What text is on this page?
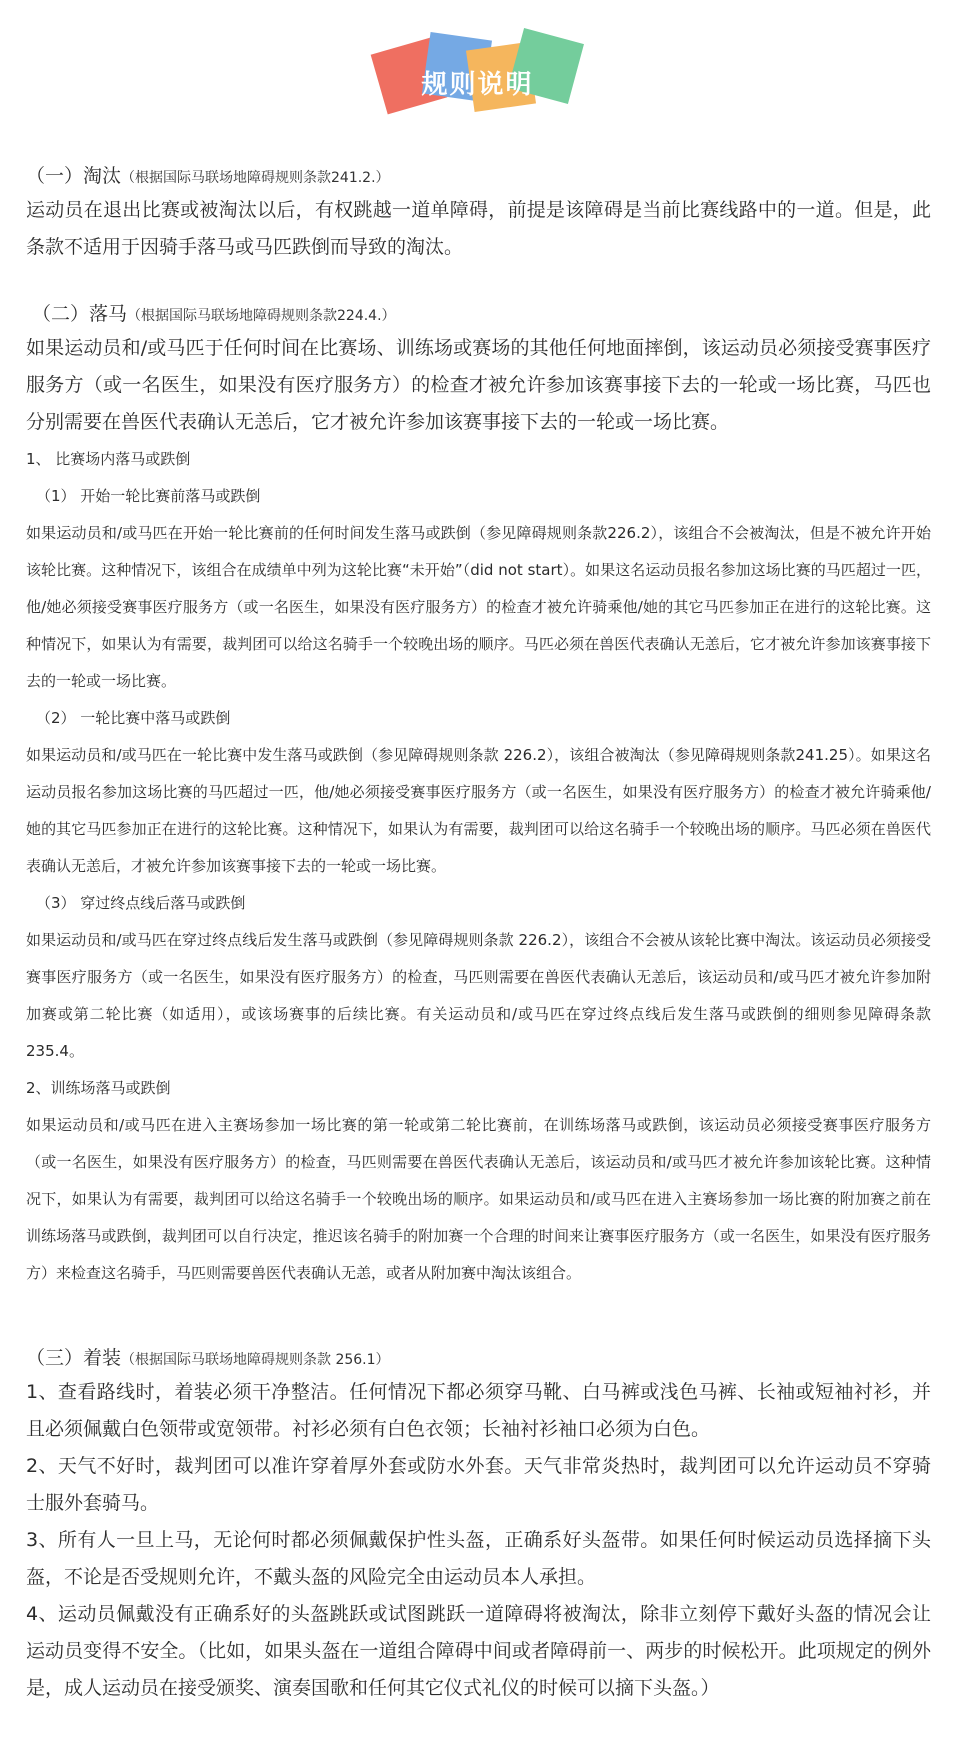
规则说明
（一）淘汰（根据国际马联场地障碍规则条款241.2.）

运动员在退出比赛或被淘汰以后，有权跳越一道单障碍，前提是该障碍是当前比赛线路中的一道。但是，此条款不适用于因骑手落马或马匹跌倒而导致的淘汰。

（二）落马（根据国际马联场地障碍规则条款224.4.）

如果运动员和/或马匹于任何时间在比赛场、训练场或赛场的其他任何地面摔倒，该运动员必须接受赛事医疗服务方（或一名医生，如果没有医疗服务方）的检查才被允许参加该赛事接下去的一轮或一场比赛，马匹也分别需要在兽医代表确认无恙后，它才被允许参加该赛事接下去的一轮或一场比赛。

1、 比赛场内落马或跌倒
（1） 开始一轮比赛前落马或跌倒

如果运动员和/或马匹在开始一轮比赛前的任何时间发生落马或跌倒（参见障碍规则条款226.2），该组合不会被淘汰，但是不被允许开始该轮比赛。这种情况下，该组合在成绩单中列为这轮比赛“未开始”（did not start）。如果这名运动员报名参加这场比赛的马匹超过一匹，他/她必须接受赛事医疗服务方（或一名医生，如果没有医疗服务方）的检查才被允许骑乘他/她的其它马匹参加正在进行的这轮比赛。这种情况下，如果认为有需要，裁判团可以给这名骑手一个较晚出场的顺序。马匹必须在兽医代表确认无恙后，它才被允许参加该赛事接下去的一轮或一场比赛。

（2） 一轮比赛中落马或跌倒

如果运动员和/或马匹在一轮比赛中发生落马或跌倒（参见障碍规则条款 226.2），该组合被淘汰（参见障碍规则条款241.25）。如果这名运动员报名参加这场比赛的马匹超过一匹，他/她必须接受赛事医疗服务方（或一名医生，如果没有医疗服务方）的检查才被允许骑乘他/她的其它马匹参加正在进行的这轮比赛。这种情况下，如果认为有需要，裁判团可以给这名骑手一个较晚出场的顺序。马匹必须在兽医代表确认无恙后，才被允许参加该赛事接下去的一轮或一场比赛。

（3） 穿过终点线后落马或跌倒

如果运动员和/或马匹在穿过终点线后发生落马或跌倒（参见障碍规则条款 226.2），该组合不会被从该轮比赛中淘汰。该运动员必须接受赛事医疗服务方（或一名医生，如果没有医疗服务方）的检查，马匹则需要在兽医代表确认无恙后，该运动员和/或马匹才被允许参加附加赛或第二轮比赛（如适用），或该场赛事的后续比赛。有关运动员和/或马匹在穿过终点线后发生落马或跌倒的细则参见障碍条款 235.4。

2、训练场落马或跌倒

如果运动员和/或马匹在进入主赛场参加一场比赛的第一轮或第二轮比赛前，在训练场落马或跌倒，该运动员必须接受赛事医疗服务方（或一名医生，如果没有医疗服务方）的检查，马匹则需要在兽医代表确认无恙后，该运动员和/或马匹才被允许参加该轮比赛。这种情况下，如果认为有需要，裁判团可以给这名骑手一个较晚出场的顺序。如果运动员和/或马匹在进入主赛场参加一场比赛的附加赛之前在训练场落马或跌倒，裁判团可以自行决定，推迟该名骑手的附加赛一个合理的时间来让赛事医疗服务方（或一名医生，如果没有医疗服务方）来检查这名骑手，马匹则需要兽医代表确认无恙，或者从附加赛中淘汰该组合。

（三）着装（根据国际马联场地障碍规则条款 256.1）

1、查看路线时，着装必须干净整洁。任何情况下都必须穿马靴、白马裤或浅色马裤、长袖或短袖衬衫，并且必须佩戴白色领带或宽领带。衬衫必须有白色衣领；长袖衬衫袖口必须为白色。

2、天气不好时，裁判团可以准许穿着厚外套或防水外套。天气非常炎热时，裁判团可以允许运动员不穿骑士服外套骑马。

3、所有人一旦上马，无论何时都必须佩戴保护性头盔，正确系好头盔带。如果任何时候运动员选择摘下头盔，不论是否受规则允许，不戴头盔的风险完全由运动员本人承担。

4、运动员佩戴没有正确系好的头盔跳跃或试图跳跃一道障碍将被淘汰，除非立刻停下戴好头盔的情况会让运动员变得不安全。（比如，如果头盔在一道组合障碍中间或者障碍前一、两步的时候松开。此项规定的例外是，成人运动员在接受颁奖、演奏国歌和任何其它仪式礼仪的时候可以摘下头盔。）
